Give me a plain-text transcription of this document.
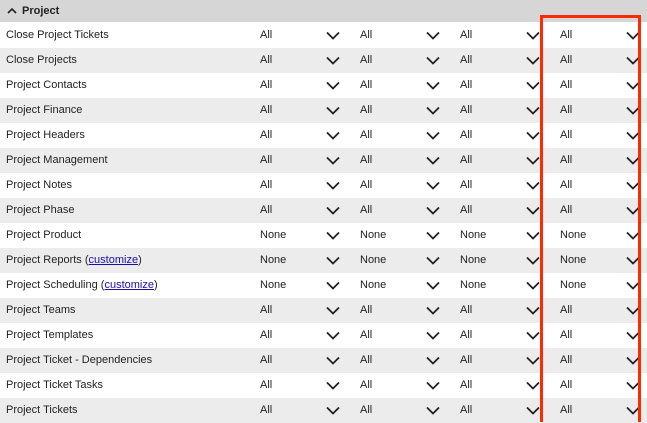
Project
Close Project Tickets	All	All	All	All
Close Projects	All	All	All	All
Project Contacts	All	All	All	All
Project Finance	All	All	All	All
Project Headers	All	All	All	All
Project Management	All	All	All	All
Project Notes	All	All	All	All
Project Phase	All	All	All	All
Project Product	None	None	None	None
Project Reports (customize)	None	None	None	None
Project Scheduling (customize)	None	None	None	None
Project Teams	All	All	All	All
Project Templates	All	All	All	All
Project Ticket - Dependencies	All	All	All	All
Project Ticket Tasks	All	All	All	All
Project Tickets	All	All	All	All
